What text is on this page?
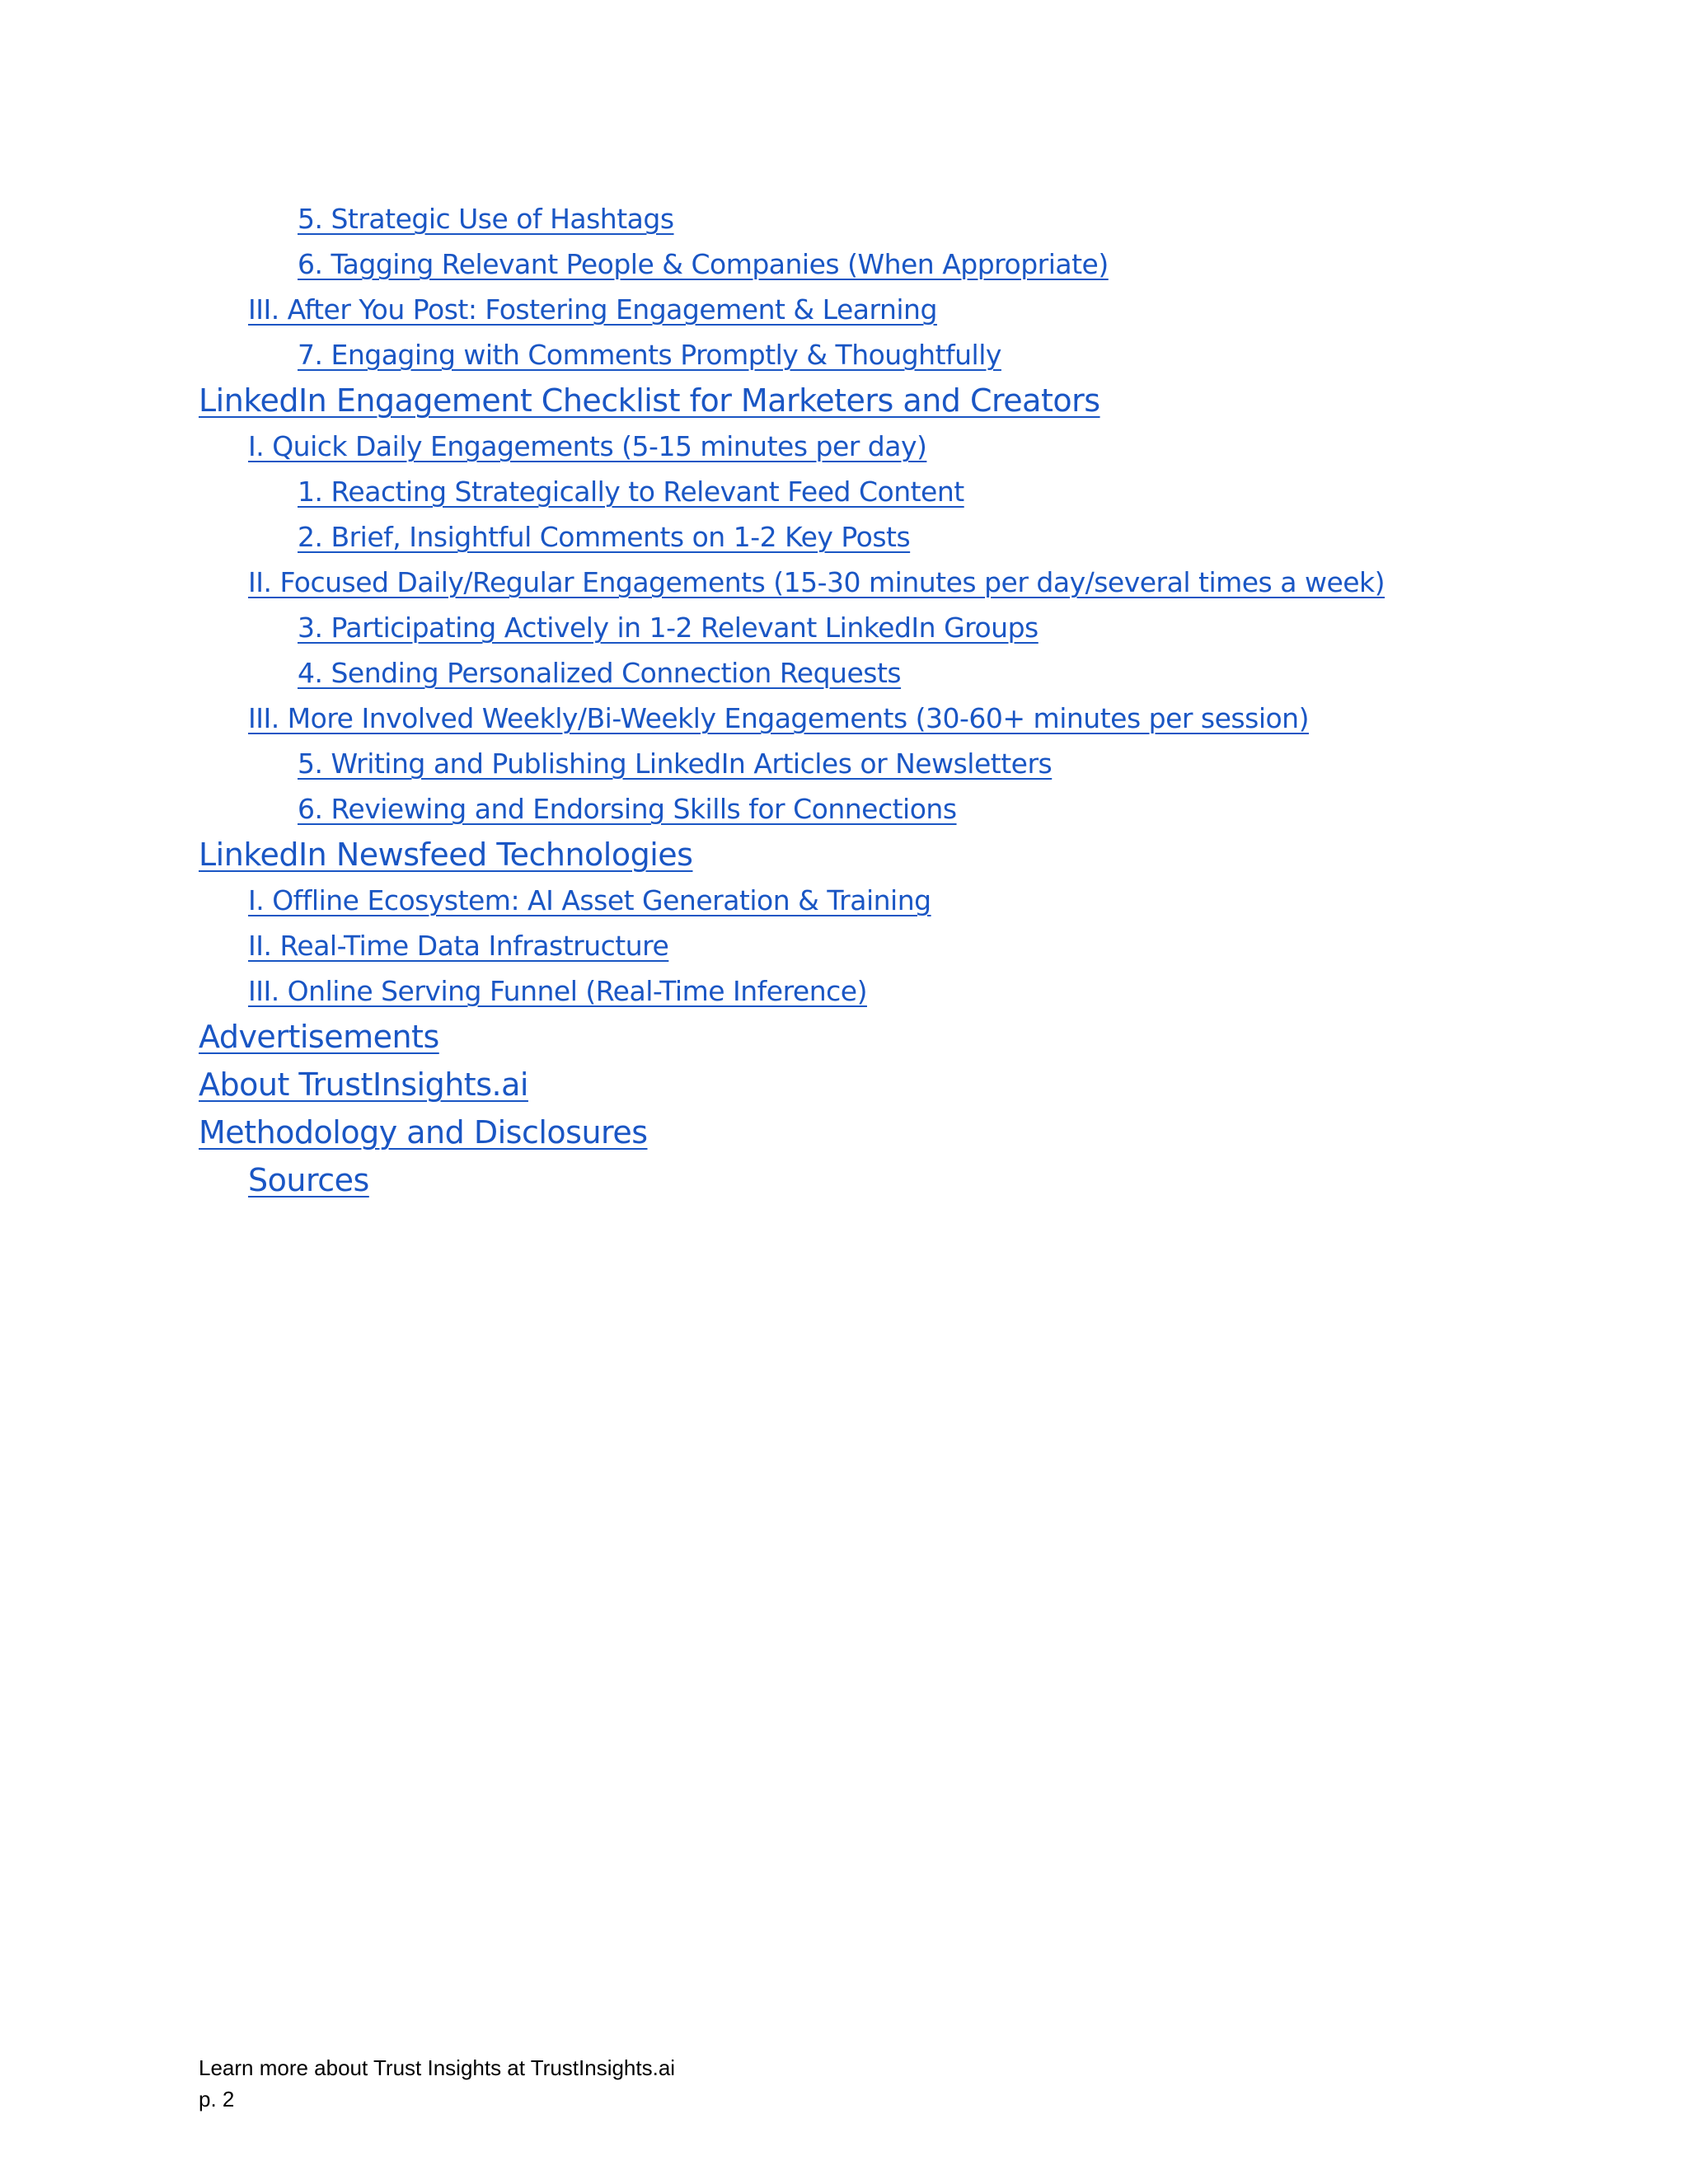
5. Strategic Use of Hashtags
6. Tagging Relevant People & Companies (When Appropriate)
III. After You Post: Fostering Engagement & Learning
7. Engaging with Comments Promptly & Thoughtfully
LinkedIn Engagement Checklist for Marketers and Creators
I. Quick Daily Engagements (5-15 minutes per day)
1. Reacting Strategically to Relevant Feed Content
2. Brief, Insightful Comments on 1-2 Key Posts
II. Focused Daily/Regular Engagements (15-30 minutes per day/several times a week)
3. Participating Actively in 1-2 Relevant LinkedIn Groups
4. Sending Personalized Connection Requests
III. More Involved Weekly/Bi-Weekly Engagements (30-60+ minutes per session)
5. Writing and Publishing LinkedIn Articles or Newsletters
6. Reviewing and Endorsing Skills for Connections
LinkedIn Newsfeed Technologies
I. Offline Ecosystem: AI Asset Generation & Training
II. Real-Time Data Infrastructure
III. Online Serving Funnel (Real-Time Inference)
Advertisements
About TrustInsights.ai
Methodology and Disclosures
Sources
Learn more about Trust Insights at TrustInsights.ai
p. 2
